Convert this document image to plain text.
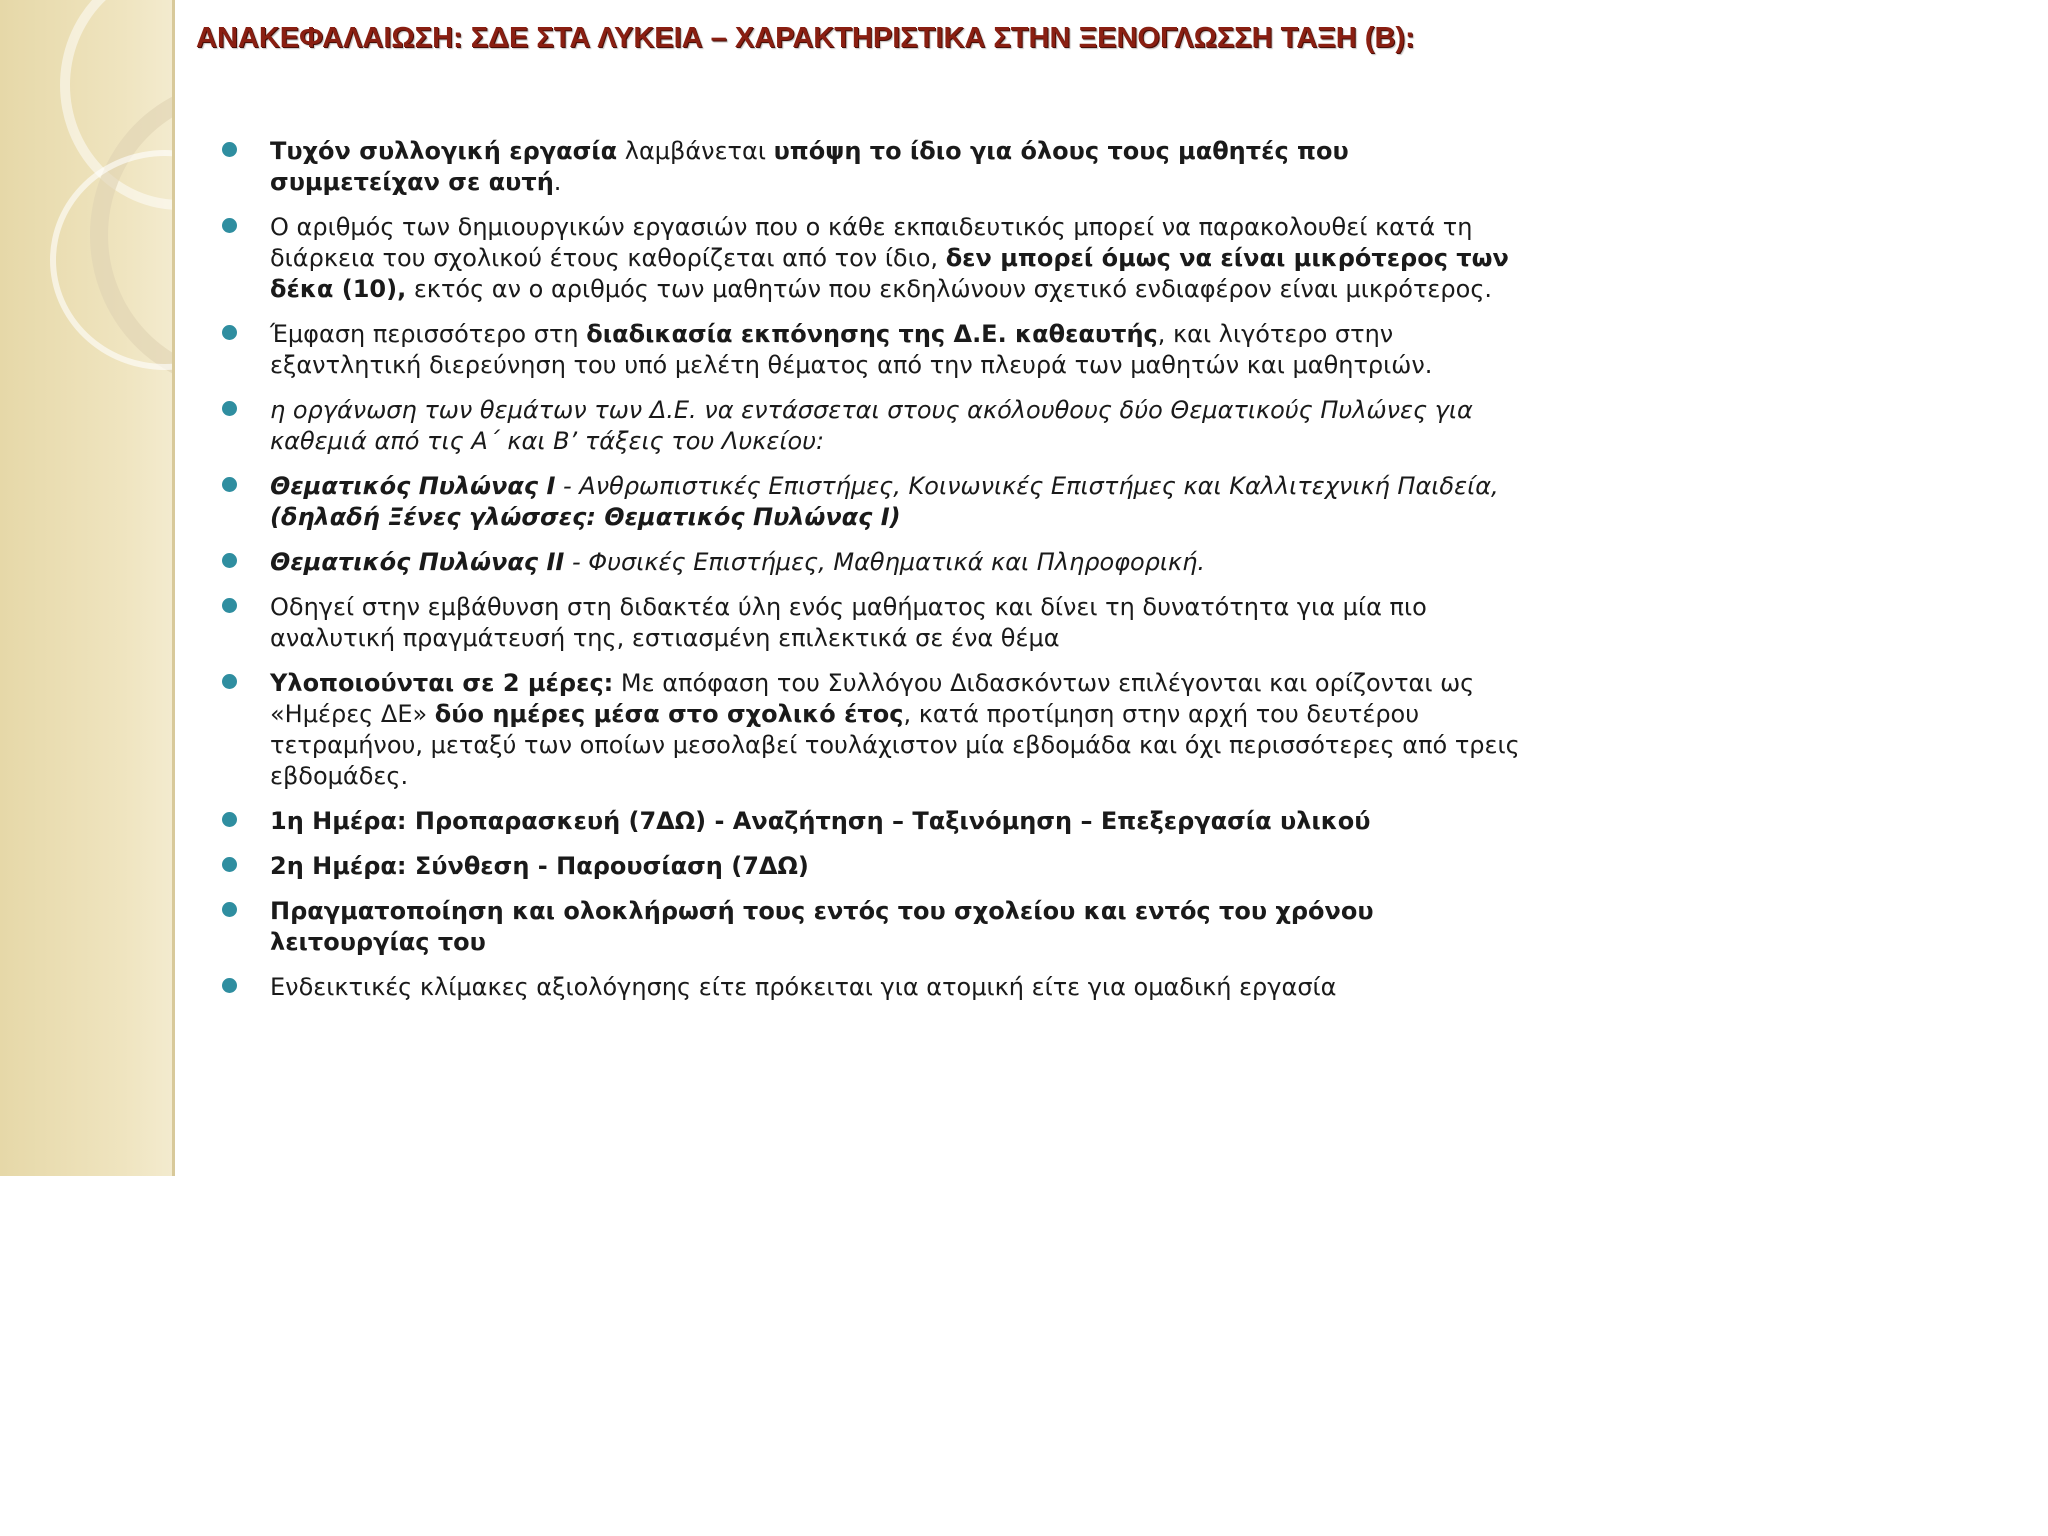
ΑΝΑΚΕΦΑΛΑΙΩΣΗ: ΣΔΕ ΣΤΑ ΛΥΚΕΙΑ – ΧΑΡΑΚΤΗΡΙΣΤΙΚΑ ΣΤΗΝ ΞΕΝΟΓΛΩΣΣΗ ΤΑΞΗ (Β):
Τυχόν συλλογική εργασία λαμβάνεται υπόψη το ίδιο για όλους τους μαθητές που συμμετείχαν σε αυτή.
Ο αριθμός των δημιουργικών εργασιών που ο κάθε εκπαιδευτικός μπορεί να παρακολουθεί κατά τη διάρκεια του σχολικού έτους καθορίζεται από τον ίδιο, δεν μπορεί όμως να είναι μικρότερος των δέκα (10), εκτός αν ο αριθμός των μαθητών που εκδηλώνουν σχετικό ενδιαφέρον είναι μικρότερος.
Έμφαση περισσότερο στη διαδικασία εκπόνησης της Δ.Ε. καθεαυτής, και λιγότερο στην εξαντλητική διερεύνηση του υπό μελέτη θέματος από την πλευρά των μαθητών και μαθητριών.
η οργάνωση των θεμάτων των Δ.Ε. να εντάσσεται στους ακόλουθους δύο Θεματικούς Πυλώνες για καθεμιά από τις Α΄ και Β’ τάξεις του Λυκείου:
Θεματικός Πυλώνας Ι - Ανθρωπιστικές Επιστήμες, Κοινωνικές Επιστήμες και Καλλιτεχνική Παιδεία, (δηλαδή Ξένες γλώσσες: Θεματικός Πυλώνας Ι)
Θεματικός Πυλώνας ΙΙ - Φυσικές Επιστήμες, Μαθηματικά και Πληροφορική.
Οδηγεί στην εμβάθυνση στη διδακτέα ύλη ενός μαθήματος και δίνει τη δυνατότητα για μία πιο αναλυτική πραγμάτευσή της, εστιασμένη επιλεκτικά σε ένα θέμα
Υλοποιούνται σε 2 μέρες: Με απόφαση του Συλλόγου Διδασκόντων επιλέγονται και ορίζονται ως «Ημέρες ΔΕ» δύο ημέρες μέσα στο σχολικό έτος, κατά προτίμηση στην αρχή του δευτέρου τετραμήνου, μεταξύ των οποίων μεσολαβεί τουλάχιστον μία εβδομάδα και όχι περισσότερες από τρεις εβδομάδες.
1η Ημέρα: Προπαρασκευή (7ΔΩ) - Αναζήτηση – Ταξινόμηση – Επεξεργασία υλικού
2η Ημέρα: Σύνθεση - Παρουσίαση (7ΔΩ)
Πραγματοποίηση και ολοκλήρωσή τους εντός του σχολείου και εντός του χρόνου λειτουργίας του
Ενδεικτικές κλίμακες αξιολόγησης είτε πρόκειται για ατομική είτε για ομαδική εργασία
